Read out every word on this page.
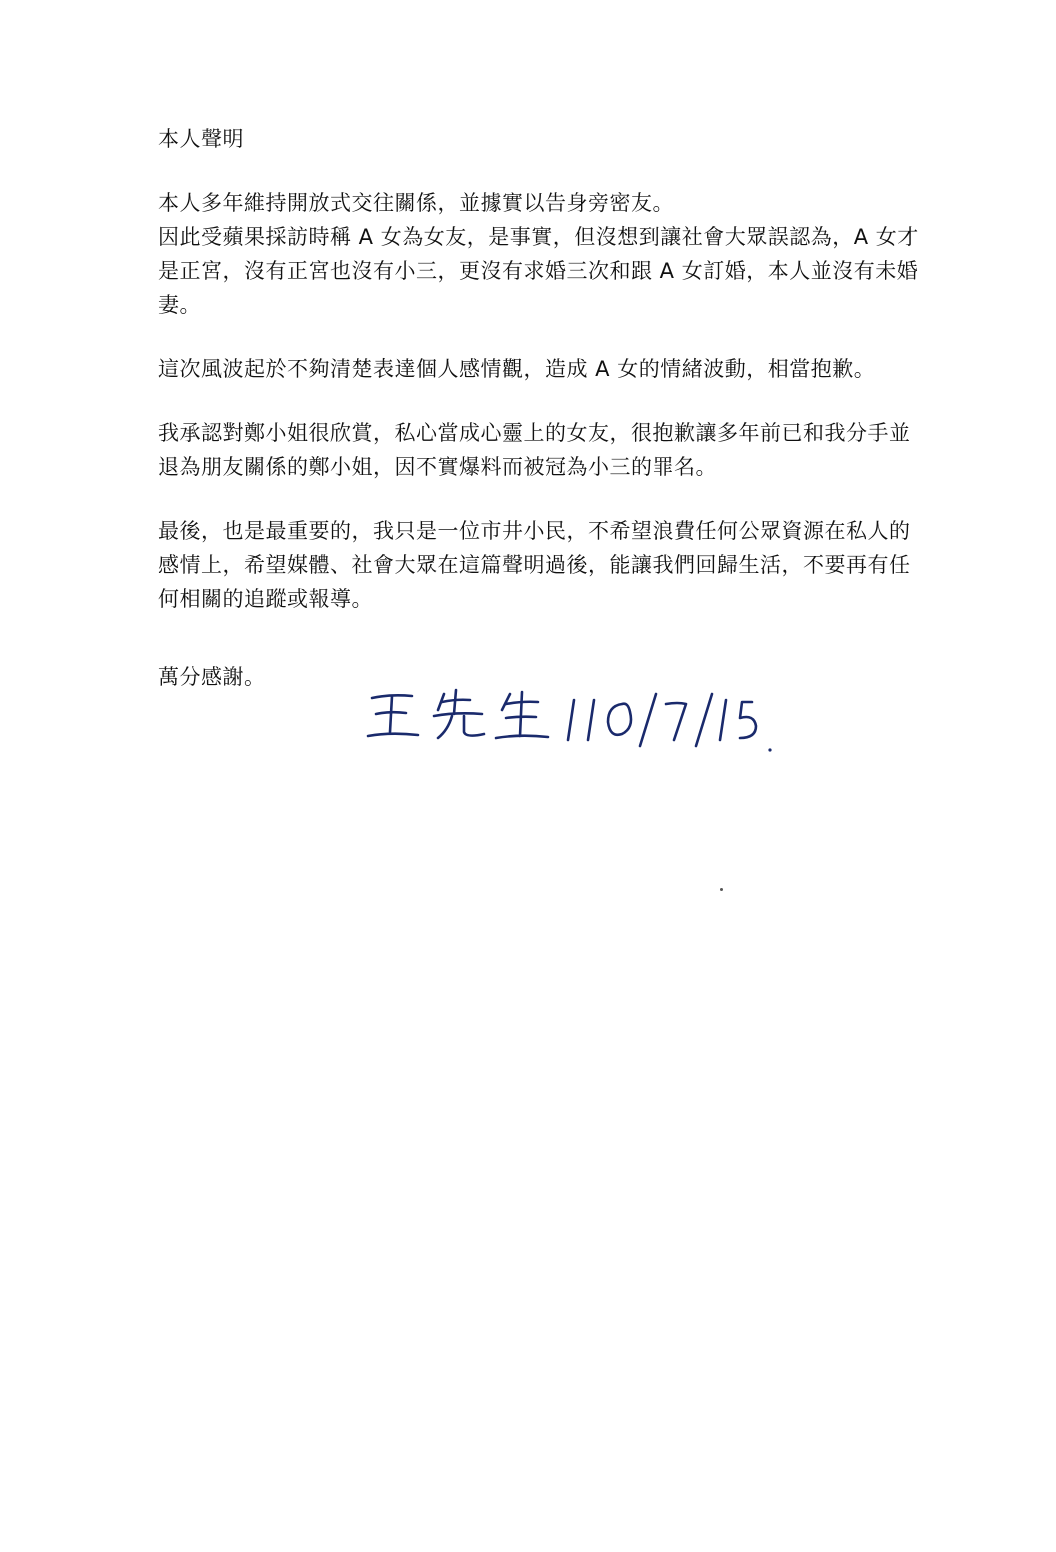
本人聲明
本人多年維持開放式交往關係，並據實以告身旁密友。
因此受蘋果採訪時稱 A 女為女友，是事實，但沒想到讓社會大眾誤認為，A 女才
是正宮，沒有正宮也沒有小三，更沒有求婚三次和跟 A 女訂婚，本人並沒有未婚
妻。
這次風波起於不夠清楚表達個人感情觀，造成 A 女的情緒波動，相當抱歉。
我承認對鄭小姐很欣賞，私心當成心靈上的女友，很抱歉讓多年前已和我分手並
退為朋友關係的鄭小姐，因不實爆料而被冠為小三的罪名。
最後，也是最重要的，我只是一位市井小民，不希望浪費任何公眾資源在私人的
感情上，希望媒體、社會大眾在這篇聲明過後，能讓我們回歸生活，不要再有任
何相關的追蹤或報導。
萬分感謝。
